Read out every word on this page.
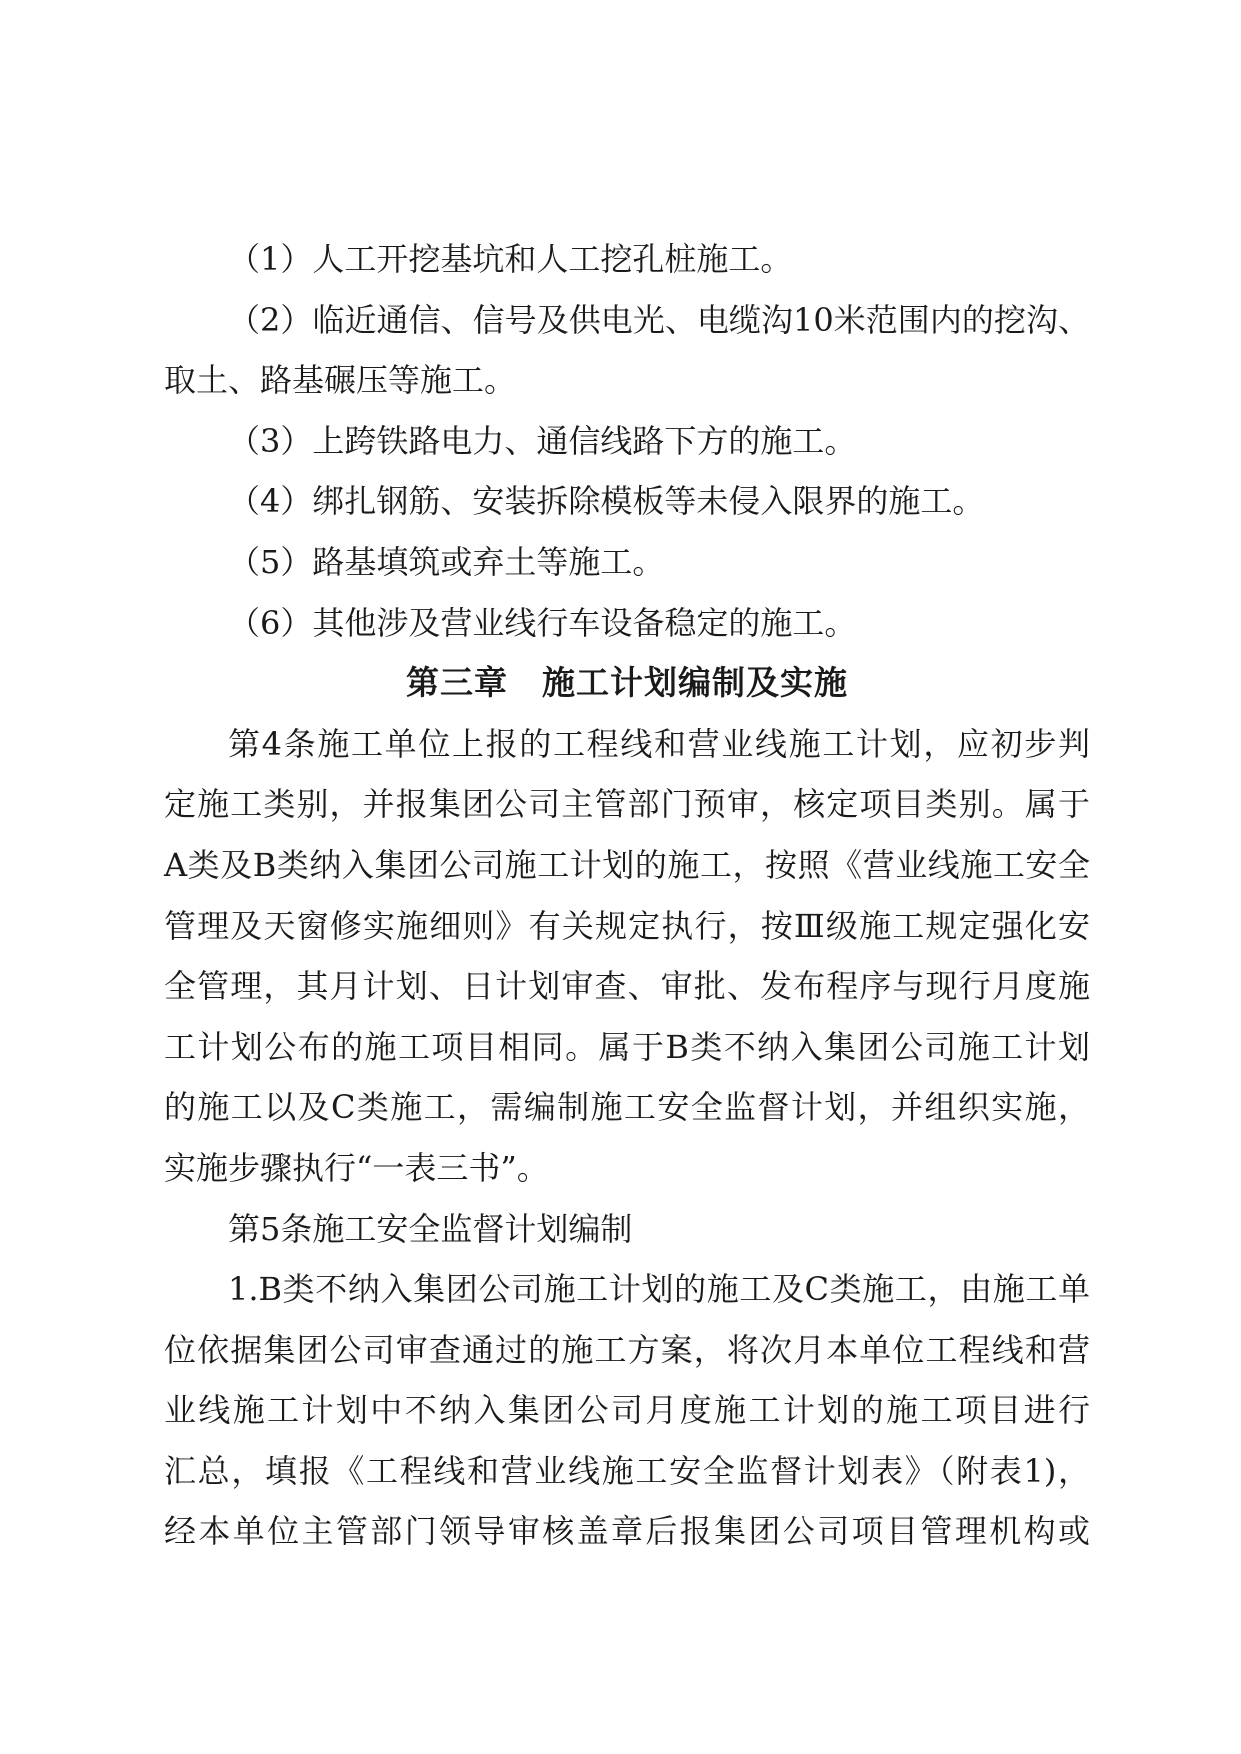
（1）人工开挖基坑和人工挖孔桩施工。
（2）临近通信、信号及供电光、电缆沟10米范围内的挖沟、
取土、路基碾压等施工。
（3）上跨铁路电力、通信线路下方的施工。
（4）绑扎钢筋、安装拆除模板等未侵入限界的施工。
（5）路基填筑或弃土等施工。
（6）其他涉及营业线行车设备稳定的施工。
第三章　施工计划编制及实施
第4条施工单位上报的工程线和营业线施工计划，应初步判
定施工类别，并报集团公司主管部门预审，核定项目类别。属于
A类及B类纳入集团公司施工计划的施工，按照《营业线施工安全
管理及天窗修实施细则》有关规定执行，按Ⅲ级施工规定强化安
全管理，其月计划、日计划审查、审批、发布程序与现行月度施
工计划公布的施工项目相同。属于B类不纳入集团公司施工计划
的施工以及C类施工，需编制施工安全监督计划，并组织实施，
实施步骤执行“一表三书”。
第5条施工安全监督计划编制
1.B类不纳入集团公司施工计划的施工及C类施工，由施工单
位依据集团公司审查通过的施工方案，将次月本单位工程线和营
业线施工计划中不纳入集团公司月度施工计划的施工项目进行
汇总，填报《工程线和营业线施工安全监督计划表》（附表1)，
经本单位主管部门领导审核盖章后报集团公司项目管理机构或
